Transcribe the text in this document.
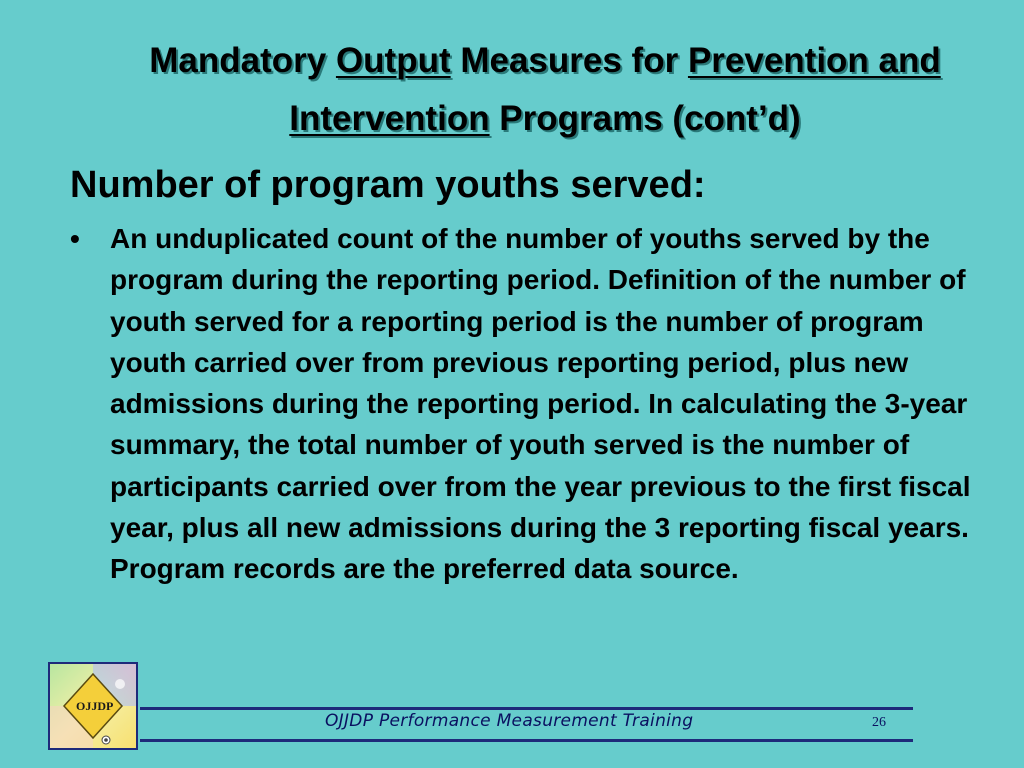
Mandatory Output Measures for Prevention and Intervention Programs (cont’d)
Number of program youths served:
•	An unduplicated count of the number of youths served by the program during the reporting period. Definition of the number of youth served for a reporting period is the number of program youth carried over from previous reporting period, plus new admissions during the reporting period. In calculating the 3-year summary, the total number of youth served is the number of participants carried over from the year previous to the first fiscal year, plus all new admissions during the 3 reporting fiscal years. Program records are the preferred data source.
OJJDP
OJJDP Performance Measurement Training	26
